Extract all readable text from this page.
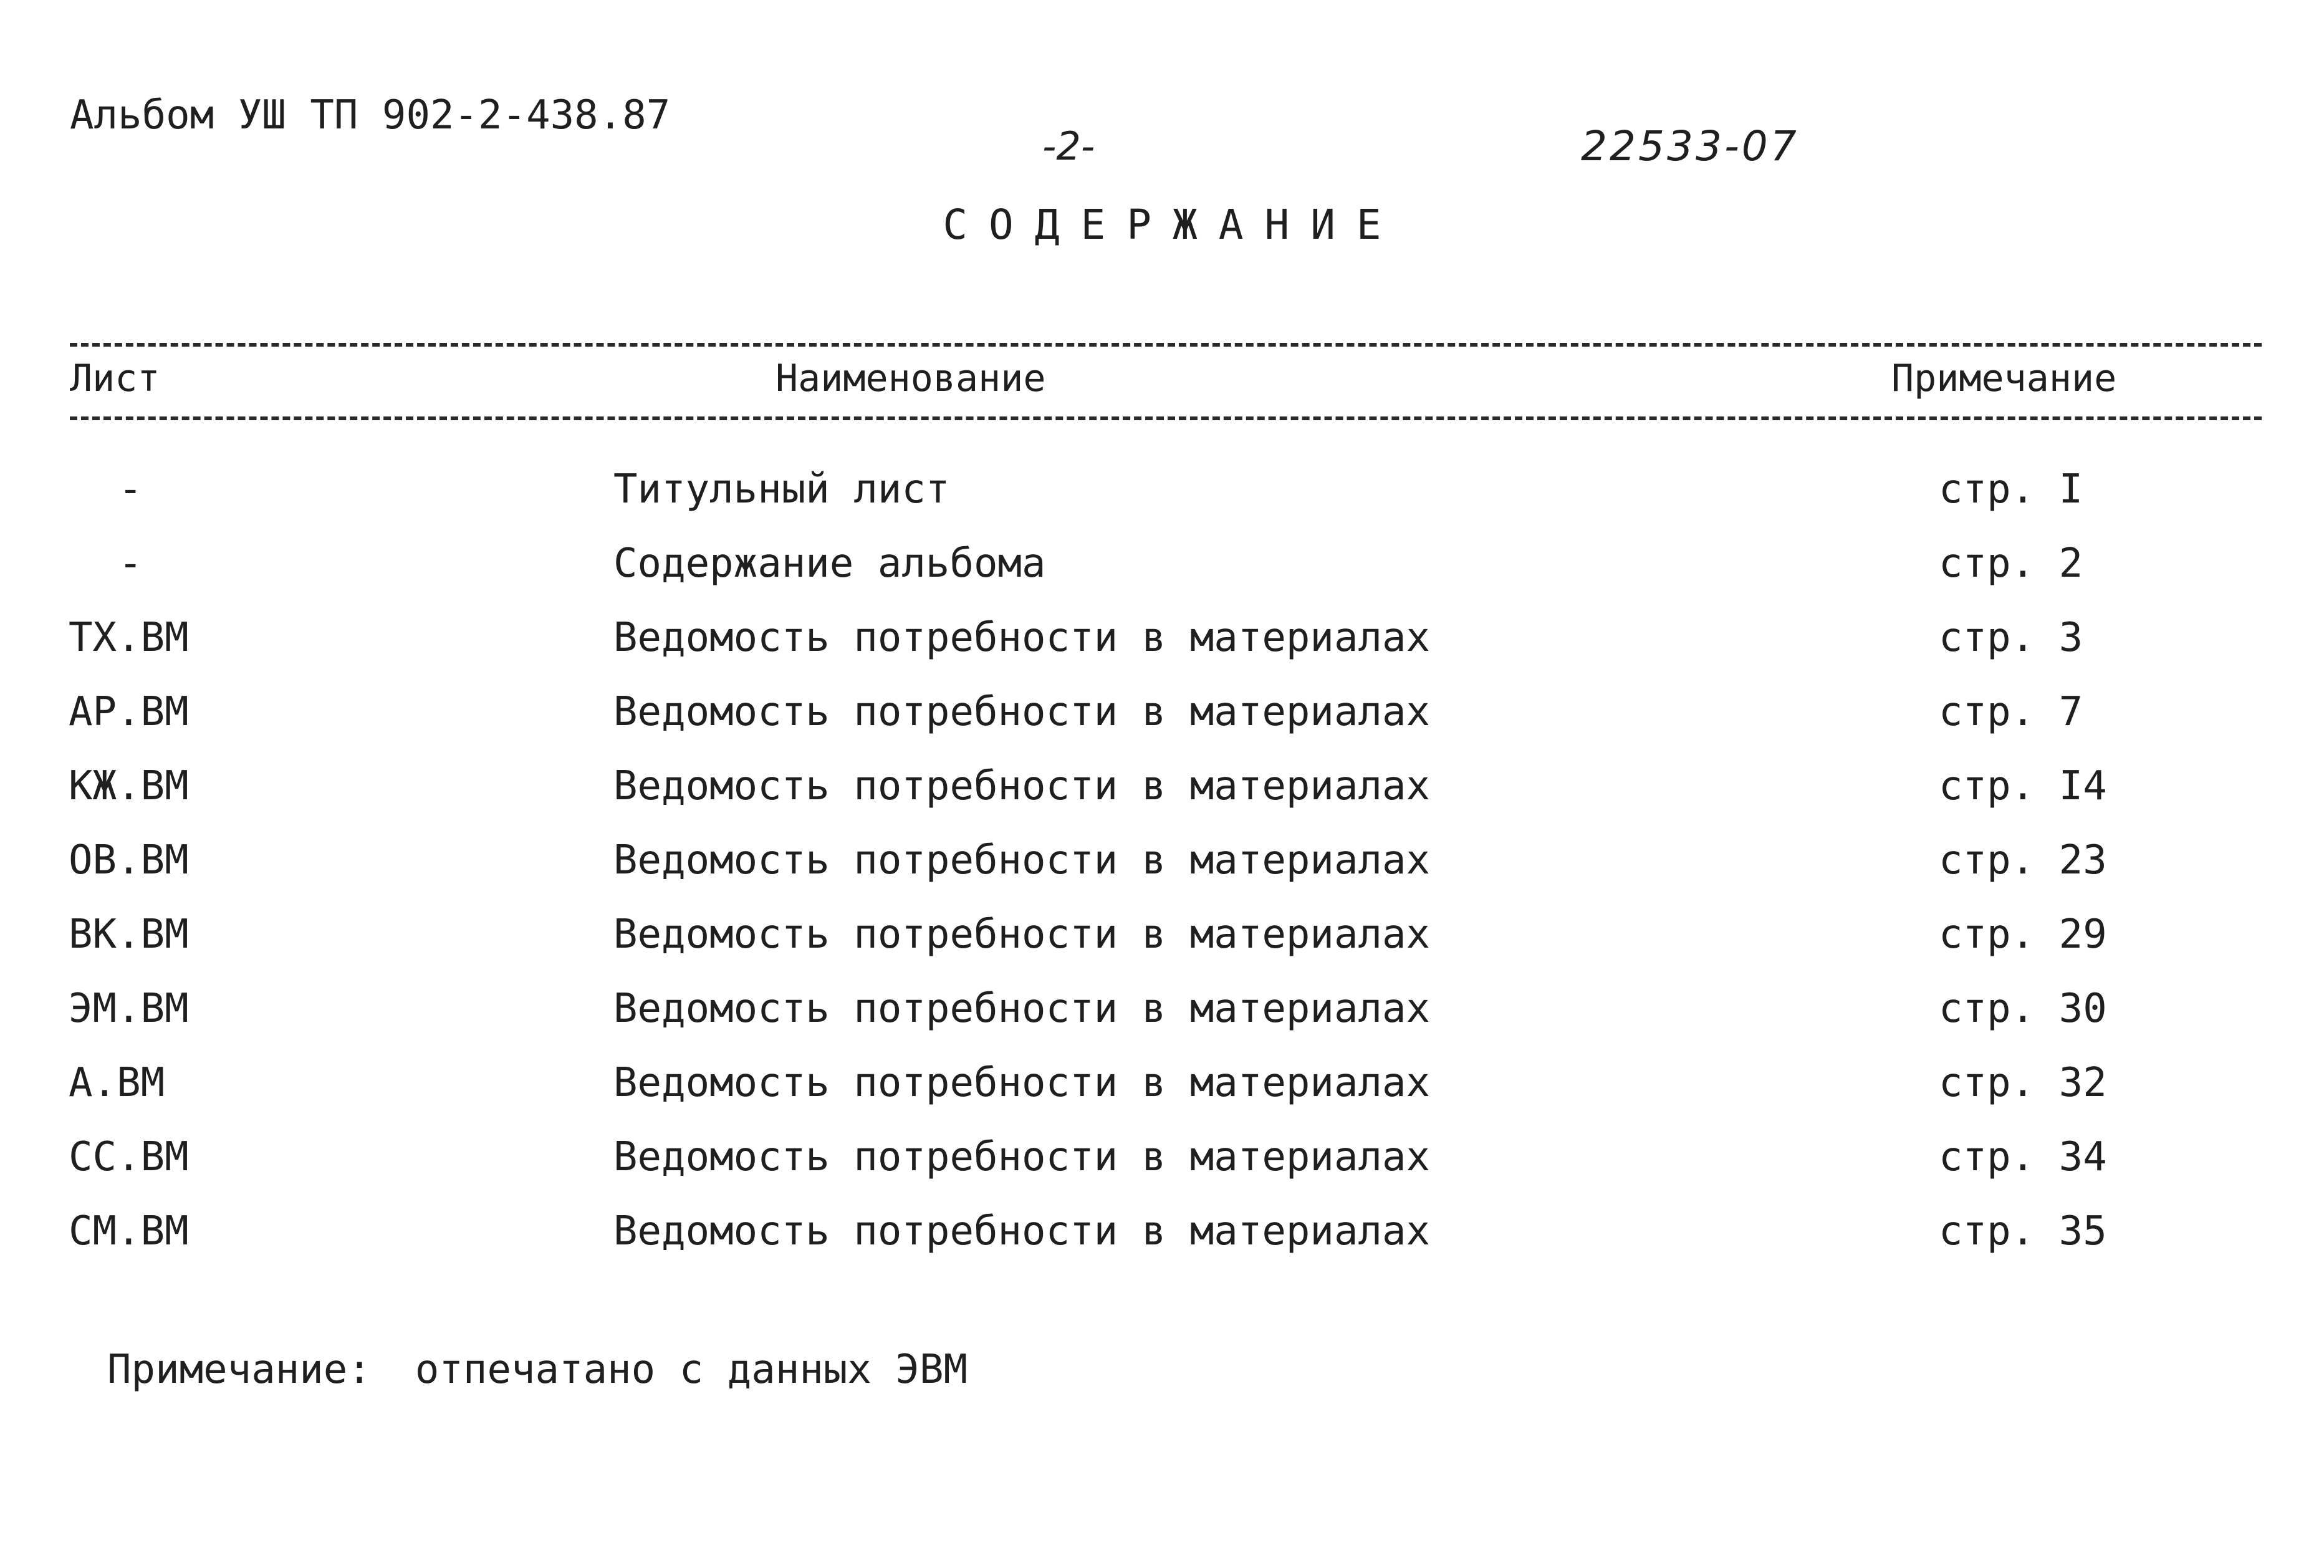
Альбом УШ ТП 902-2-438.87
-2-	22533-07
СОДЕРЖАНИЕ
Лист	Наименование	Примечание
-	Титульный лист	стр. I
-	Содержание альбома	стр. 2
ТХ.ВМ	Ведомость потребности в материалах	стр. 3
АР.ВМ	Ведомость потребности в материалах	стр. 7
КЖ.ВМ	Ведомость потребности в материалах	стр. I4
ОВ.ВМ	Ведомость потребности в материалах	стр. 23
ВК.ВМ	Ведомость потребности в материалах	стр. 29
ЭМ.ВМ	Ведомость потребности в материалах	стр. 30
А.ВМ	Ведомость потребности в материалах	стр. 32
СС.ВМ	Ведомость потребности в материалах	стр. 34
СМ.ВМ	Ведомость потребности в материалах	стр. 35
Примечание: отпечатано с данных ЭВМ
